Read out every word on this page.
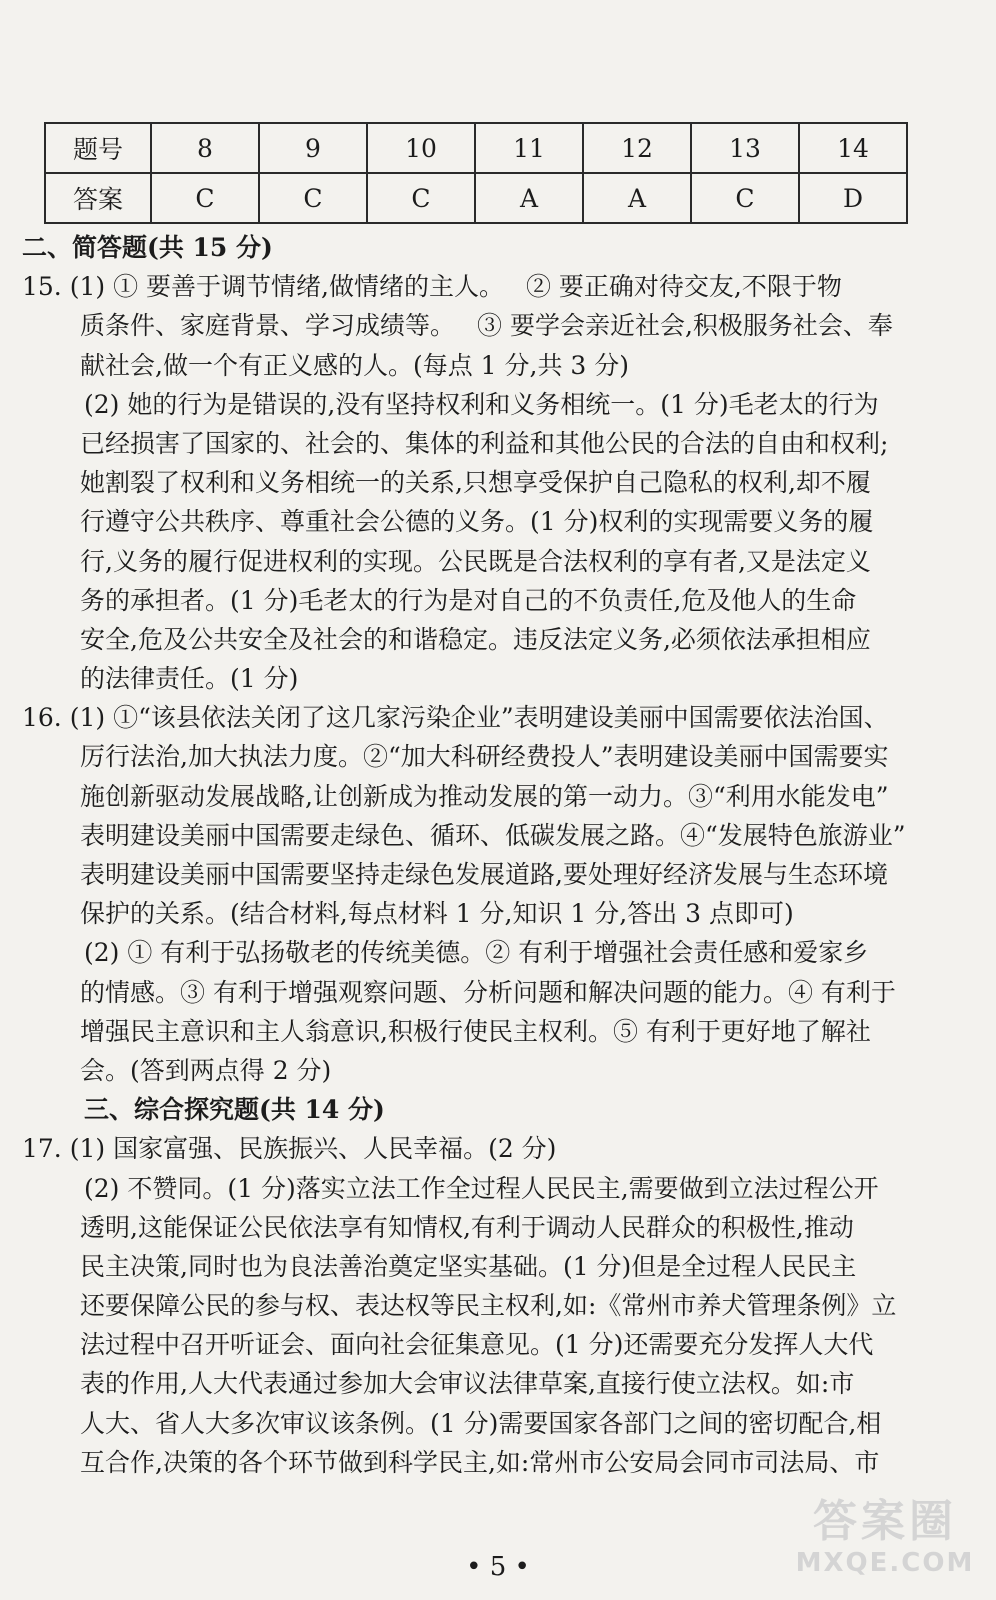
题号	8	9	10	11	12	13	14
答案	C	C	C	A	A	C	D
二、简答题(共 15 分)
15. (1) ① 要善于调节情绪,做情绪的主人。 ② 要正确对待交友,不限于物
质条件、家庭背景、学习成绩等。 ③ 要学会亲近社会,积极服务社会、奉
献社会,做一个有正义感的人。(每点 1 分,共 3 分)
(2) 她的行为是错误的,没有坚持权利和义务相统一。(1 分)毛老太的行为
已经损害了国家的、社会的、集体的利益和其他公民的合法的自由和权利;
她割裂了权利和义务相统一的关系,只想享受保护自己隐私的权利,却不履
行遵守公共秩序、尊重社会公德的义务。(1 分)权利的实现需要义务的履
行,义务的履行促进权利的实现。公民既是合法权利的享有者,又是法定义
务的承担者。(1 分)毛老太的行为是对自己的不负责任,危及他人的生命
安全,危及公共安全及社会的和谐稳定。违反法定义务,必须依法承担相应
的法律责任。(1 分)
16. (1) ①“该县依法关闭了这几家污染企业”表明建设美丽中国需要依法治国、
厉行法治,加大执法力度。②“加大科研经费投人”表明建设美丽中国需要实
施创新驱动发展战略,让创新成为推动发展的第一动力。③“利用水能发电”
表明建设美丽中国需要走绿色、循环、低碳发展之路。④“发展特色旅游业”
表明建设美丽中国需要坚持走绿色发展道路,要处理好经济发展与生态环境
保护的关系。(结合材料,每点材料 1 分,知识 1 分,答出 3 点即可)
(2) ① 有利于弘扬敬老的传统美德。② 有利于增强社会责任感和爱家乡
的情感。③ 有利于增强观察问题、分析问题和解决问题的能力。④ 有利于
增强民主意识和主人翁意识,积极行使民主权利。⑤ 有利于更好地了解社
会。(答到两点得 2 分)
三、综合探究题(共 14 分)
17. (1) 国家富强、民族振兴、人民幸福。(2 分)
(2) 不赞同。(1 分)落实立法工作全过程人民民主,需要做到立法过程公开
透明,这能保证公民依法享有知情权,有利于调动人民群众的积极性,推动
民主决策,同时也为良法善治奠定坚实基础。(1 分)但是全过程人民民主
还要保障公民的参与权、表达权等民主权利,如:《常州市养犬管理条例》立
法过程中召开听证会、面向社会征集意见。(1 分)还需要充分发挥人大代
表的作用,人大代表通过参加大会审议法律草案,直接行使立法权。如:市
人大、省人大多次审议该条例。(1 分)需要国家各部门之间的密切配合,相
互合作,决策的各个环节做到科学民主,如:常州市公安局会同市司法局、市
• 5 •
答案圈
MXQE.COM
